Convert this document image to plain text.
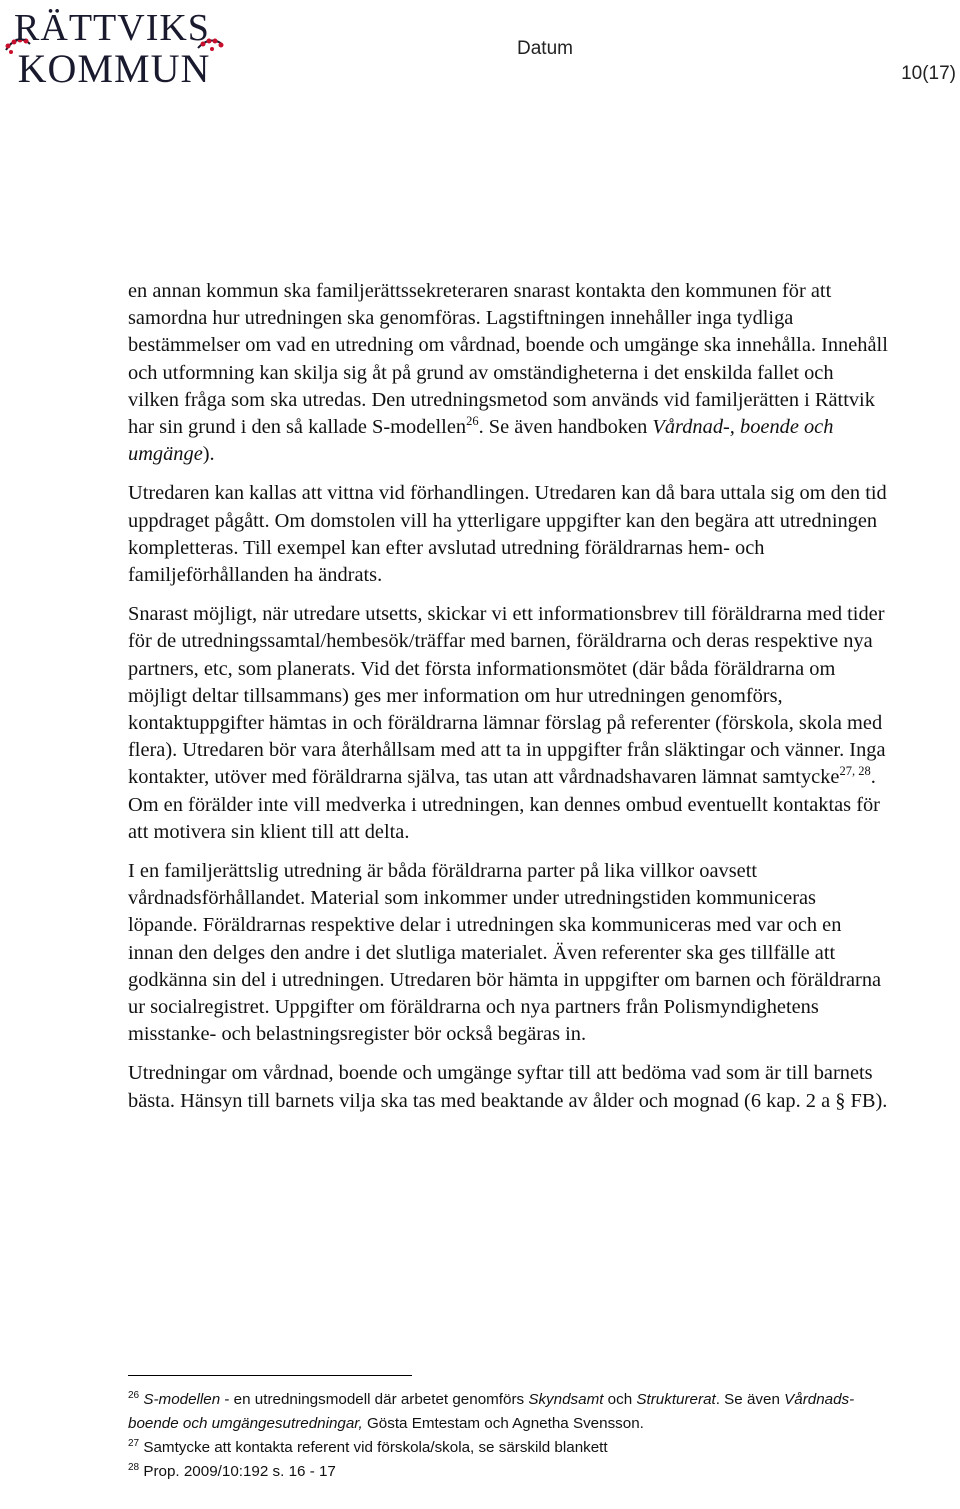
RÄTTVIKS
KOMMUN	Datum
10(17)

en annan kommun ska familjerättssekreteraren snarast kontakta den kommunen för att samordna hur utredningen ska genomföras. Lagstiftningen innehåller inga tydliga bestämmelser om vad en utredning om vårdnad, boende och umgänge ska innehålla. Innehåll och utformning kan skilja sig åt på grund av omständigheterna i det enskilda fallet och vilken fråga som ska utredas. Den utredningsmetod som används vid familjerätten i Rättvik har sin grund i den så kallade S-modellen$^{26}$. Se även handboken Vårdnad-, boende och umgänge).

Utredaren kan kallas att vittna vid förhandlingen. Utredaren kan då bara uttala sig om den tid uppdraget pågått. Om domstolen vill ha ytterligare uppgifter kan den begära att utredningen kompletteras. Till exempel kan efter avslutad utredning föräldrarnas hem- och familjeförhållanden ha ändrats.

Snarast möjligt, när utredare utsetts, skickar vi ett informationsbrev till föräldrarna med tider för de utredningssamtal/hembesök/träffar med barnen, föräldrarna och deras respektive nya partners, etc, som planerats. Vid det första informationsmötet (där båda föräldrarna om möjligt deltar tillsammans) ges mer information om hur utredningen genomförs, kontaktuppgifter hämtas in och föräldrarna lämnar förslag på referenter (förskola, skola med flera). Utredaren bör vara återhållsam med att ta in uppgifter från släktingar och vänner. Inga kontakter, utöver med föräldrarna själva, tas utan att vårdnadshavaren lämnat samtycke$^{27, 28}$. Om en förälder inte vill medverka i utredningen, kan dennes ombud eventuellt kontaktas för att motivera sin klient till att delta.

I en familjerättslig utredning är båda föräldrarna parter på lika villkor oavsett vårdnadsförhållandet. Material som inkommer under utredningstiden kommuniceras löpande. Föräldrarnas respektive delar i utredningen ska kommuniceras med var och en innan den delges den andre i det slutliga materialet. Även referenter ska ges tillfälle att godkänna sin del i utredningen. Utredaren bör hämta in uppgifter om barnen och föräldrarna ur socialregistret. Uppgifter om föräldrarna och nya partners från Polismyndighetens misstanke- och belastningsregister bör också begäras in.

Utredningar om vårdnad, boende och umgänge syftar till att bedöma vad som är till barnets bästa. Hänsyn till barnets vilja ska tas med beaktande av ålder och mognad (6 kap. 2 a § FB).

$^{26}$ S-modellen - en utredningsmodell där arbetet genomförs Skyndsamt och Strukturerat. Se även Vårdnads- boende och umgängesutredningar, Gösta Emtestam och Agnetha Svensson.

$^{27}$ Samtycke att kontakta referent vid förskola/skola, se särskild blankett

$^{28}$ Prop. 2009/10:192 s. 16 - 17
